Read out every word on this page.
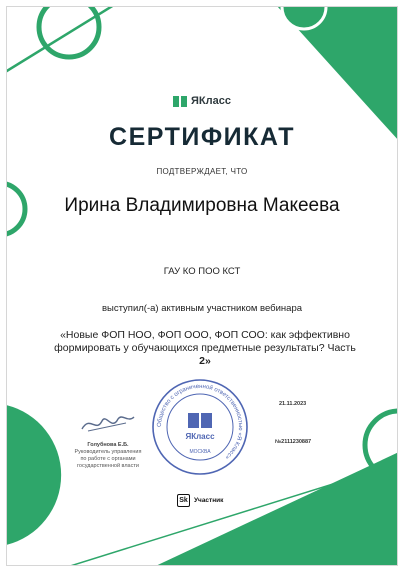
ЯКласс
СЕРТИФИКАТ
ПОДТВЕРЖДАЕТ, ЧТО
Ирина Владимировна Макеева
ГАУ КО ПОО КСТ
выступил(-а) активным участником вебинара
«Новые ФОП НОО, ФОП ООО, ФОП СОО: как эффективно формировать у обучающихся предметные результаты? Часть
2»
Голубнова Е.Б.
Руководитель управления
по работе с органами
государственной власти
Общество с ограниченной ответственностью «Я Класс»
ЯКласс
МОСКВА
21.11.2023
№2111230887
Sk Участник
